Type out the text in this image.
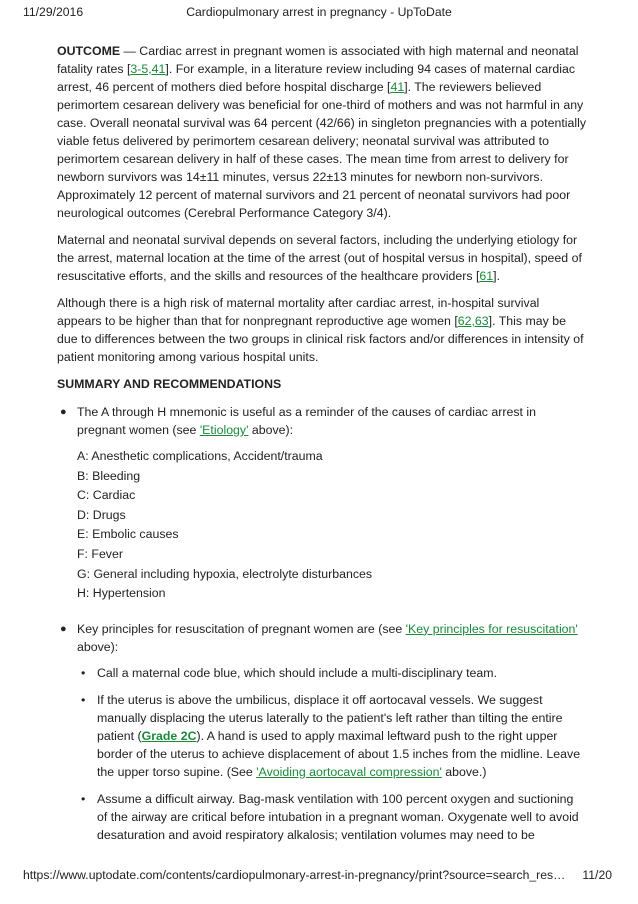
11/29/2016	Cardiopulmonary arrest in pregnancy - UpToDate

OUTCOME — Cardiac arrest in pregnant women is associated with high maternal and neonatal fatality rates [3-5,41]. For example, in a literature review including 94 cases of maternal cardiac arrest, 46 percent of mothers died before hospital discharge [41]. The reviewers believed perimortem cesarean delivery was beneficial for one-third of mothers and was not harmful in any case. Overall neonatal survival was 64 percent (42/66) in singleton pregnancies with a potentially viable fetus delivered by perimortem cesarean delivery; neonatal survival was attributed to perimortem cesarean delivery in half of these cases. The mean time from arrest to delivery for newborn survivors was 14±11 minutes, versus 22±13 minutes for newborn non-survivors. Approximately 12 percent of maternal survivors and 21 percent of neonatal survivors had poor neurological outcomes (Cerebral Performance Category 3/4).

Maternal and neonatal survival depends on several factors, including the underlying etiology for the arrest, maternal location at the time of the arrest (out of hospital versus in hospital), speed of resuscitative efforts, and the skills and resources of the healthcare providers [61].

Although there is a high risk of maternal mortality after cardiac arrest, in-hospital survival appears to be higher than that for nonpregnant reproductive age women [62,63]. This may be due to differences between the two groups in clinical risk factors and/or differences in intensity of patient monitoring among various hospital units.

SUMMARY AND RECOMMENDATIONS

● The A through H mnemonic is useful as a reminder of the causes of cardiac arrest in pregnant women (see 'Etiology' above):
A: Anesthetic complications, Accident/trauma
B: Bleeding
C: Cardiac
D: Drugs
E: Embolic causes
F: Fever
G: General including hypoxia, electrolyte disturbances
H: Hypertension
● Key principles for resuscitation of pregnant women are (see 'Key principles for resuscitation' above):
• Call a maternal code blue, which should include a multi-disciplinary team.
• If the uterus is above the umbilicus, displace it off aortocaval vessels. We suggest manually displacing the uterus laterally to the patient's left rather than tilting the entire patient (Grade 2C). A hand is used to apply maximal leftward push to the right upper border of the uterus to achieve displacement of about 1.5 inches from the midline. Leave the upper torso supine. (See 'Avoiding aortocaval compression' above.)
• Assume a difficult airway. Bag-mask ventilation with 100 percent oxygen and suctioning of the airway are critical before intubation in a pregnant woman. Oxygenate well to avoid desaturation and avoid respiratory alkalosis; ventilation volumes may need to be
https://www.uptodate.com/contents/cardiopulmonary-arrest-in-pregnancy/print?source=search_res… 11/20
